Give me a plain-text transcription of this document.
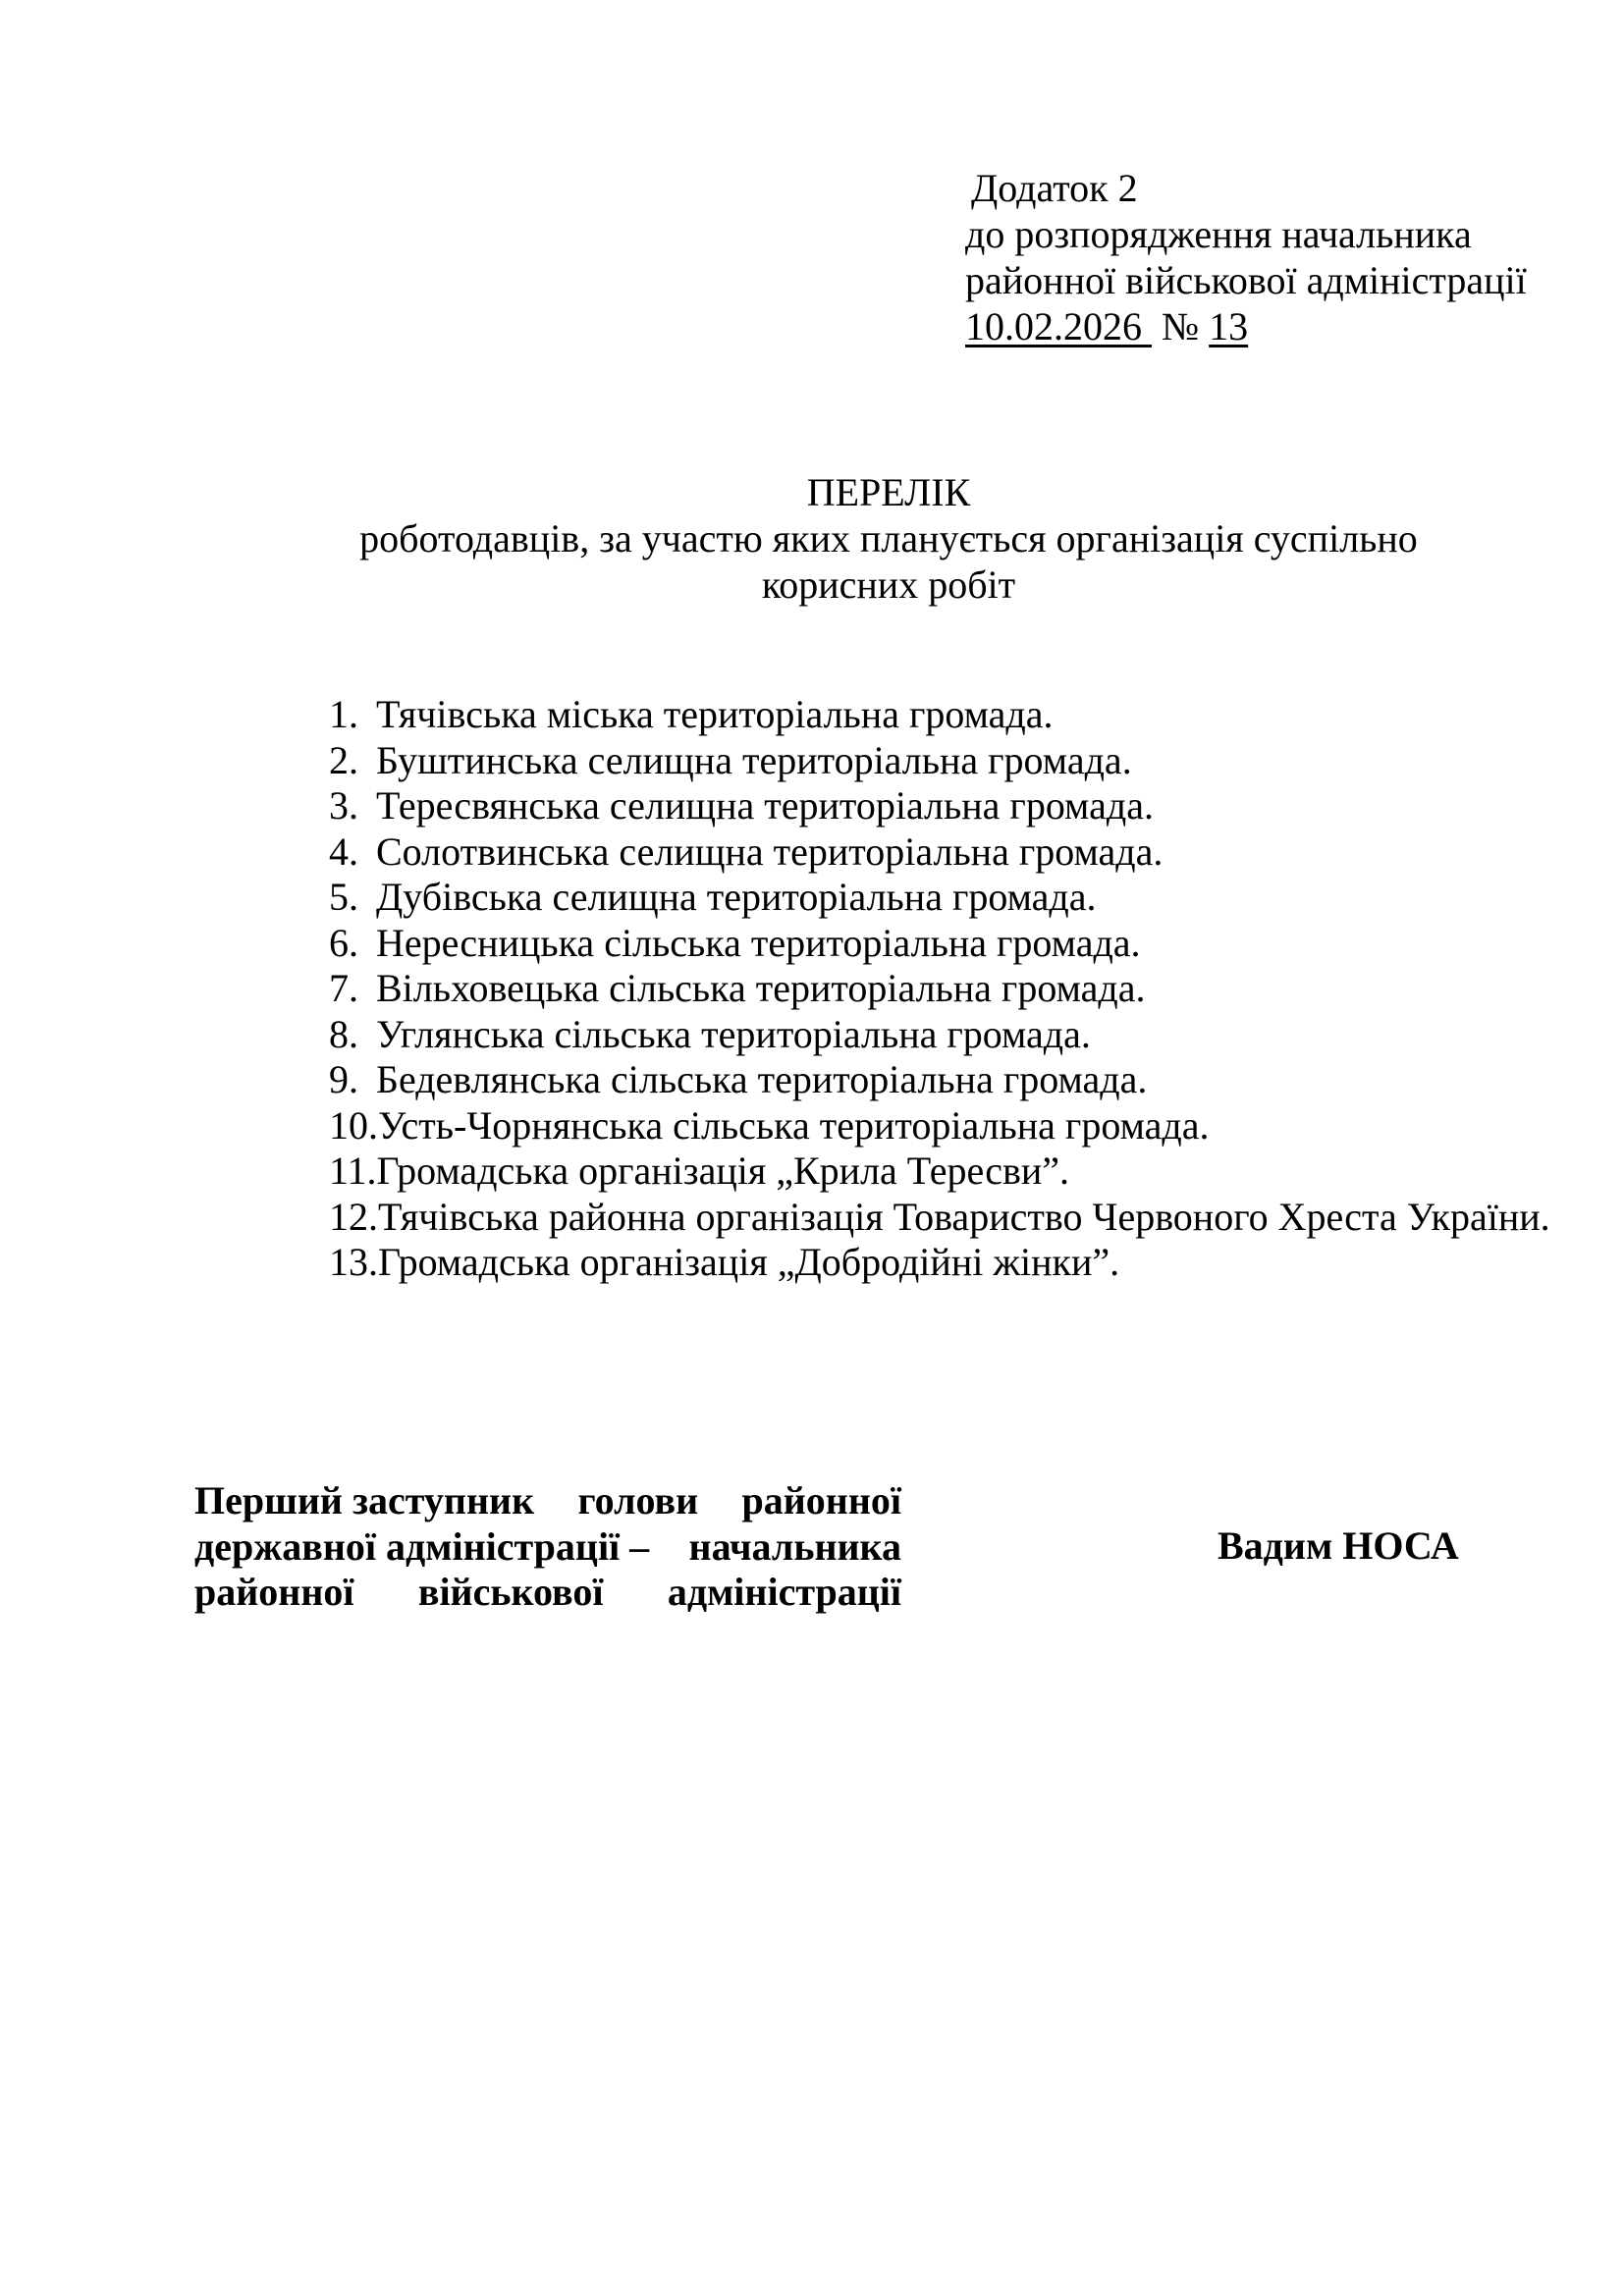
Додаток 2
до розпорядження начальника
районної військової адміністрації
10.02.2026 № 13
ПЕРЕЛІК
роботодавців, за участю яких планується організація суспільно
корисних робіт
1. Тячівська міська територіальна громада.
2. Буштинська селищна територіальна громада.
3. Тересвянська селищна територіальна громада.
4. Солотвинська селищна територіальна громада.
5. Дубівська селищна територіальна громада.
6. Нересницька сільська територіальна громада.
7. Вільховецька сільська територіальна громада.
8. Углянська сільська територіальна громада.
9. Бедевлянська сільська територіальна громада.
10. Усть-Чорнянська сільська територіальна громада.
11. Громадська організація „Крила Тересви”.
12. Тячівська районна організація Товариство Червоного Хреста України.
13. Громадська організація „Добродійні жінки”.
Перший заступник голови районної
державної адміністрації – начальника
районної військової адміністрації
Вадим НОСА
